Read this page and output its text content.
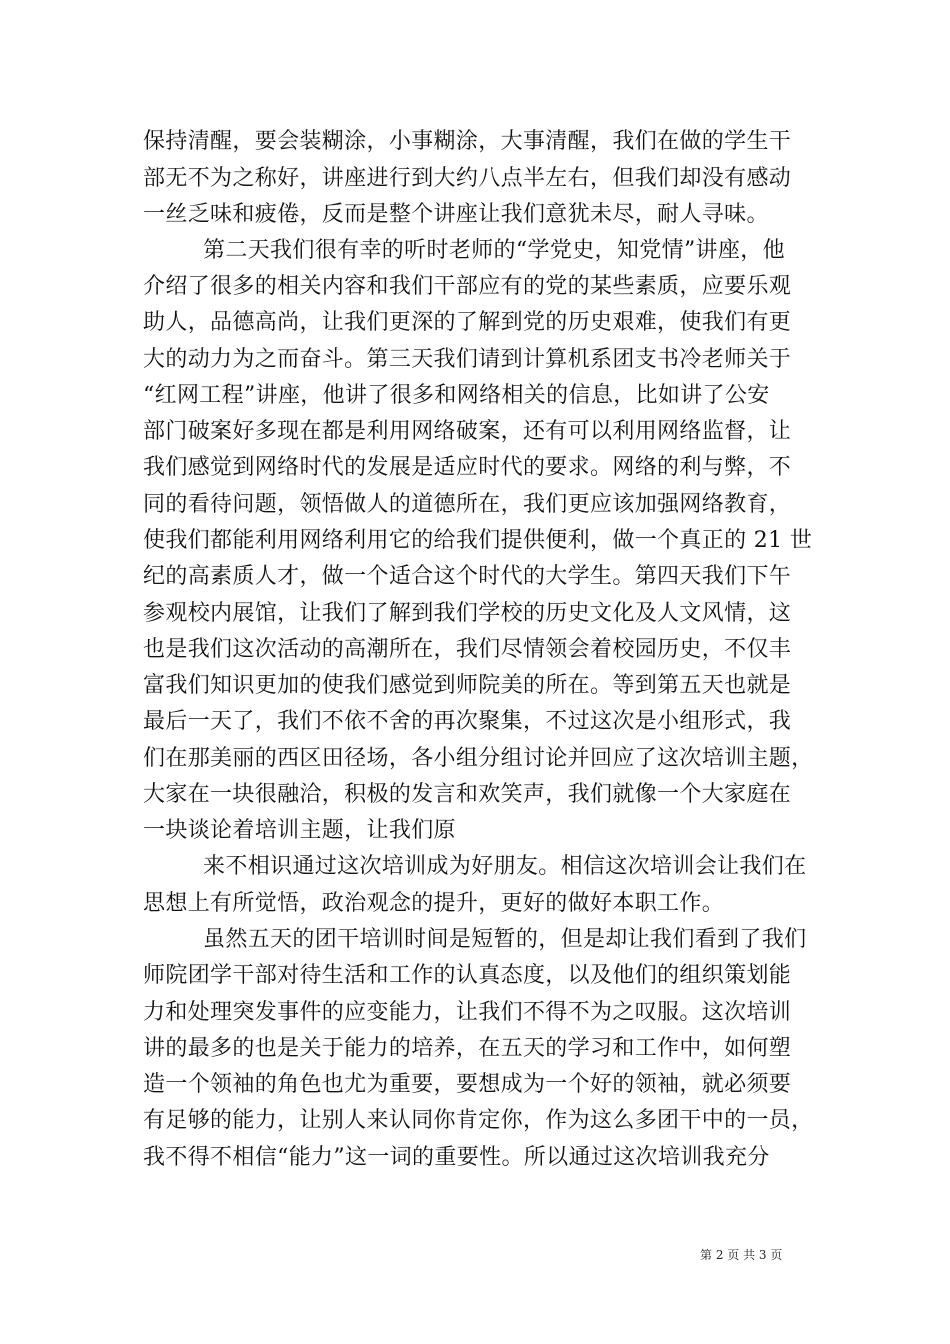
保持清醒，要会装糊涂，小事糊涂，大事清醒，我们在做的学生干
部无不为之称好，讲座进行到大约八点半左右，但我们却没有感动
一丝乏味和疲倦，反而是整个讲座让我们意犹未尽，耐人寻味。
第二天我们很有幸的听时老师的“学党史，知党情”讲座，他
介绍了很多的相关内容和我们干部应有的党的某些素质，应要乐观
助人，品德高尚，让我们更深的了解到党的历史艰难，使我们有更
大的动力为之而奋斗。第三天我们请到计算机系团支书冷老师关于
“红网工程”讲座，他讲了很多和网络相关的信息，比如讲了公安
部门破案好多现在都是利用网络破案，还有可以利用网络监督，让
我们感觉到网络时代的发展是适应时代的要求。网络的利与弊，不
同的看待问题，领悟做人的道德所在，我们更应该加强网络教育，
使我们都能利用网络利用它的给我们提供便利，做一个真正的 21 世
纪的高素质人才，做一个适合这个时代的大学生。第四天我们下午
参观校内展馆，让我们了解到我们学校的历史文化及人文风情，这
也是我们这次活动的高潮所在，我们尽情领会着校园历史，不仅丰
富我们知识更加的使我们感觉到师院美的所在。等到第五天也就是
最后一天了，我们不依不舍的再次聚集，不过这次是小组形式，我
们在那美丽的西区田径场，各小组分组讨论并回应了这次培训主题，
大家在一块很融洽，积极的发言和欢笑声，我们就像一个大家庭在
一块谈论着培训主题，让我们原
来不相识通过这次培训成为好朋友。相信这次培训会让我们在
思想上有所觉悟，政治观念的提升，更好的做好本职工作。
虽然五天的团干培训时间是短暂的，但是却让我们看到了我们
师院团学干部对待生活和工作的认真态度，以及他们的组织策划能
力和处理突发事件的应变能力，让我们不得不为之叹服。这次培训
讲的最多的也是关于能力的培养，在五天的学习和工作中，如何塑
造一个领袖的角色也尤为重要，要想成为一个好的领袖，就必须要
有足够的能力，让别人来认同你肯定你，作为这么多团干中的一员，
我不得不相信“能力”这一词的重要性。所以通过这次培训我充分
第 2 页 共 3 页
